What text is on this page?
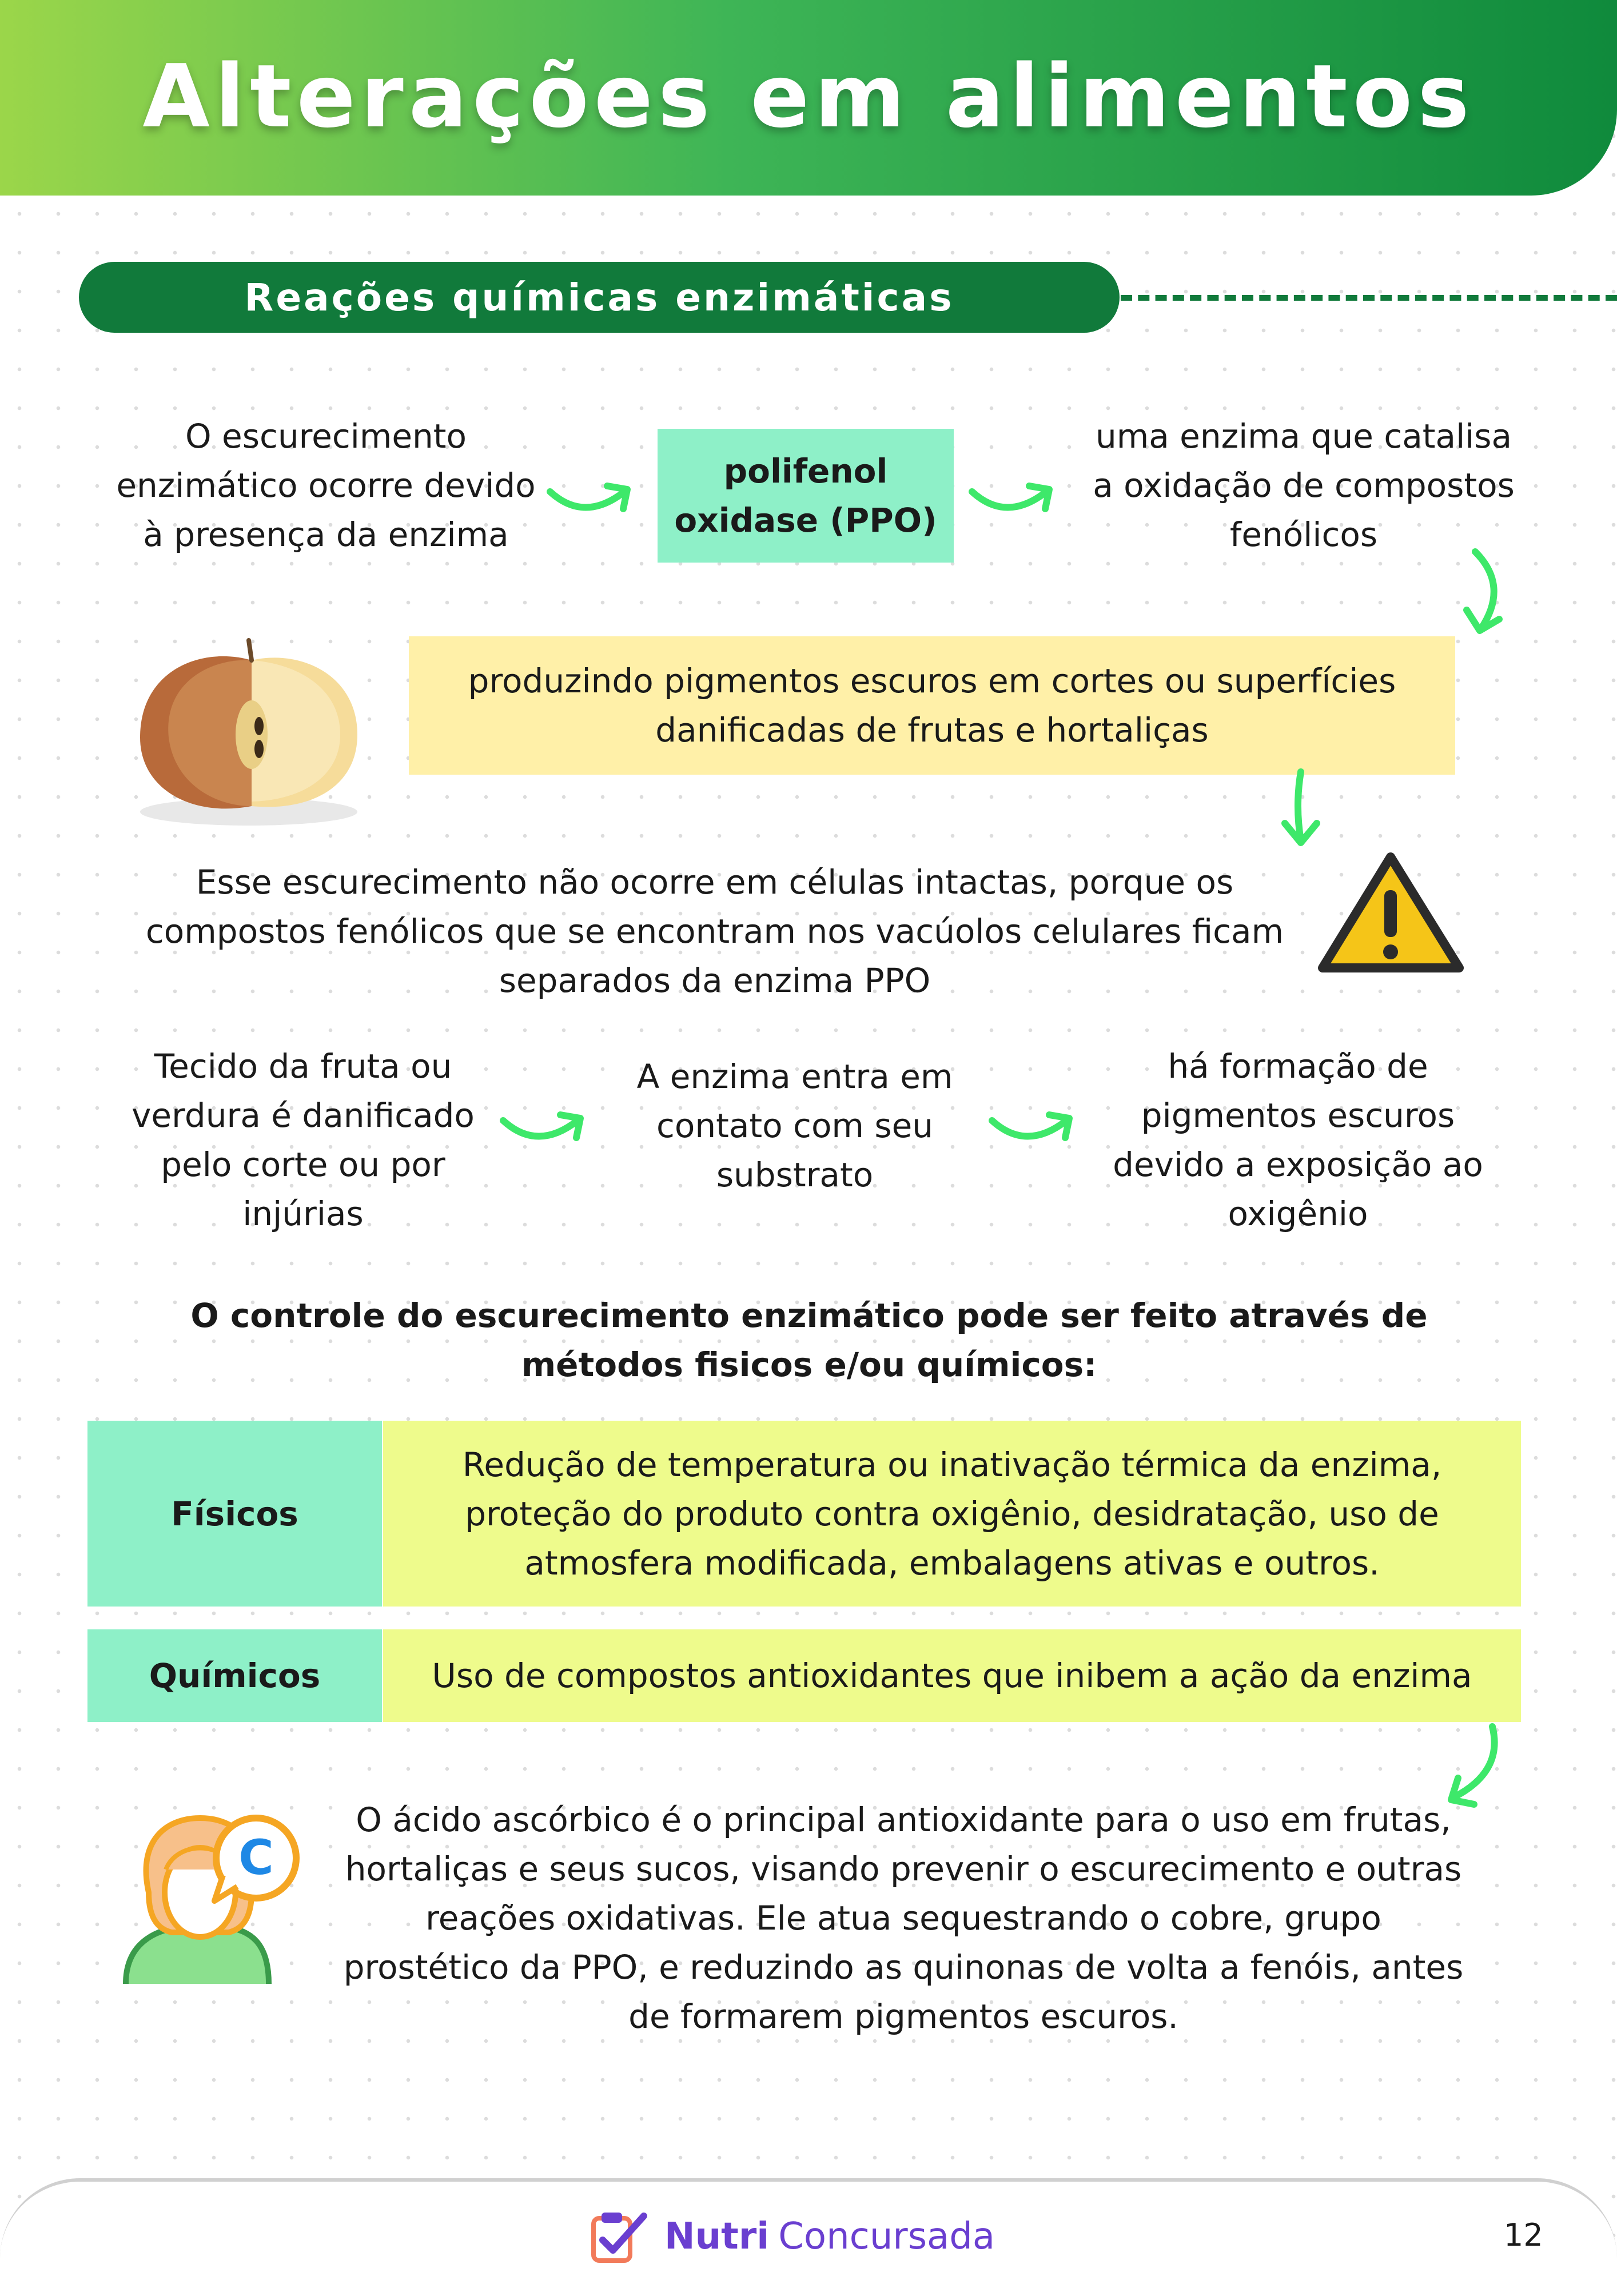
Alterações em alimentos
Reações químicas enzimáticas
O escurecimento enzimático ocorre devido à presença da enzima
polifenol oxidase (PPO)
uma enzima que catalisa a oxidação de compostos fenólicos
produzindo pigmentos escuros em cortes ou superfícies danificadas de frutas e hortaliças
Esse escurecimento não ocorre em células intactas, porque os compostos fenólicos que se encontram nos vacúolos celulares ficam separados da enzima PPO
Tecido da fruta ou verdura é danificado pelo corte ou por injúrias
A enzima entra em contato com seu substrato
há formação de pigmentos escuros devido a exposição ao oxigênio
O controle do escurecimento enzimático pode ser feito através de métodos fisicos e/ou químicos:
Físicos
Redução de temperatura ou inativação térmica da enzima, proteção do produto contra oxigênio, desidratação, uso de atmosfera modificada, embalagens ativas e outros.
Químicos	Uso de compostos antioxidantes que inibem a ação da enzima
C
O ácido ascórbico é o principal antioxidante para o uso em frutas, hortaliças e seus sucos, visando prevenir o escurecimento e outras reações oxidativas. Ele atua sequestrando o cobre, grupo prostético da PPO, e reduzindo as quinonas de volta a fenóis, antes de formarem pigmentos escuros.
Nutri Concursada	12
